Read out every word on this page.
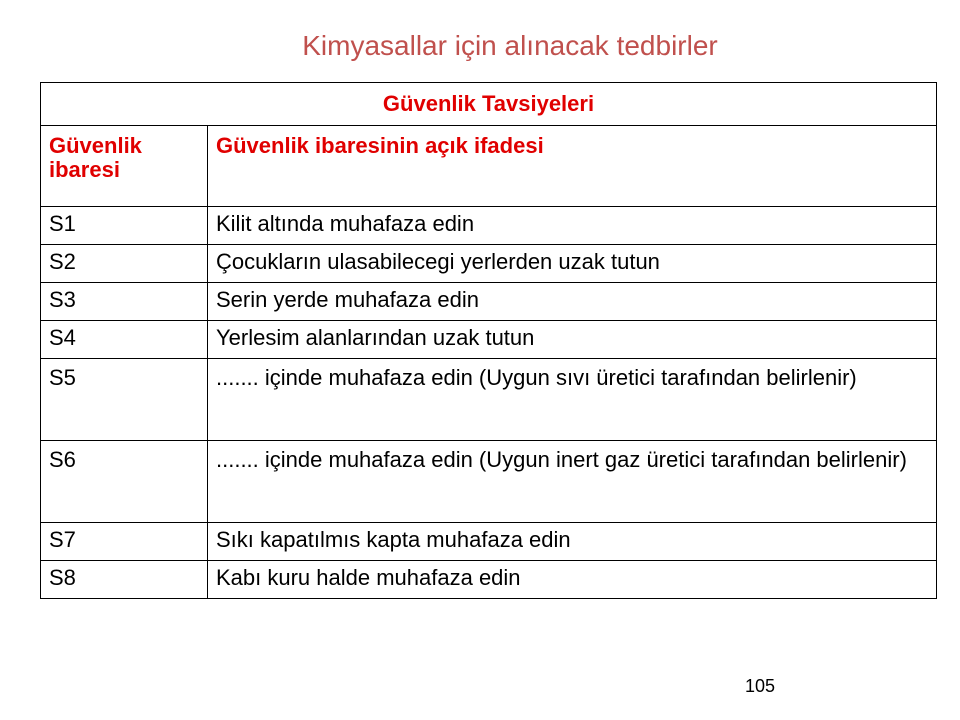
Kimyasallar için alınacak tedbirler
Güvenlik Tavsiyeleri	
Güvenlik ibaresi	Güvenlik ibaresinin açık ifadesi
S1	Kilit altında muhafaza edin
S2	Çocukların ulasabilecegi yerlerden uzak tutun
S3	Serin yerde muhafaza edin
S4	Yerlesim alanlarından uzak tutun
S5	....... içinde muhafaza edin (Uygun sıvı üretici tarafından belirlenir)
S6	....... içinde muhafaza edin (Uygun inert gaz üretici tarafından belirlenir)
S7	Sıkı kapatılmıs kapta muhafaza edin
S8	Kabı kuru halde muhafaza edin
105
